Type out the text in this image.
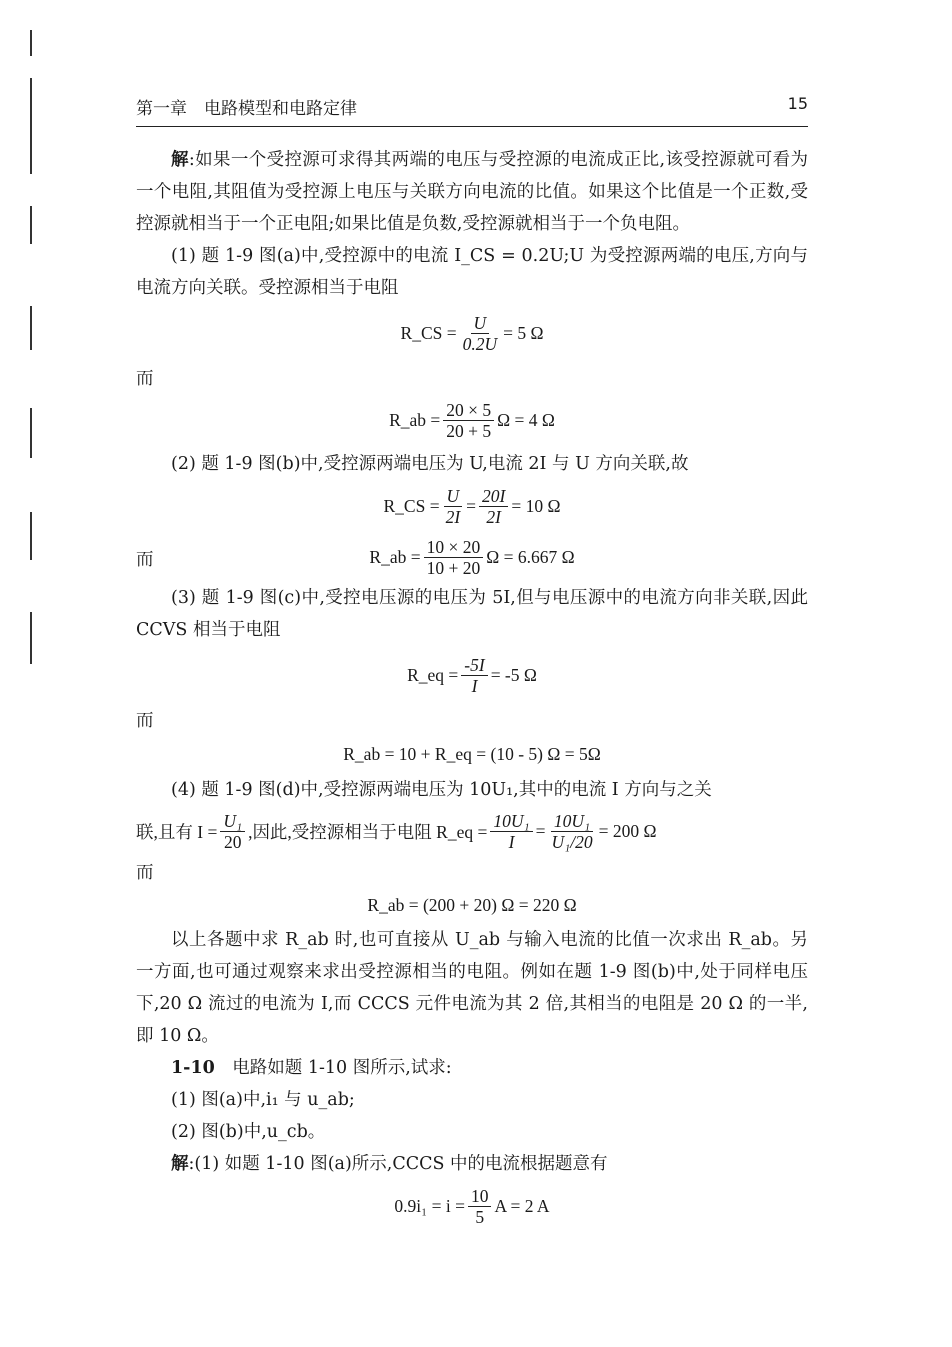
第一章　电路模型和电路定律	15

解:如果一个受控源可求得其两端的电压与受控源的电流成正比,该受控源就可看为一个电阻,其阻值为受控源上电压与关联方向电流的比值。如果这个比值是一个正数,受控源就相当于一个正电阻;如果比值是负数,受控源就相当于一个负电阻。

(1) 题 1-9 图(a)中,受控源中的电流 I_CS = 0.2U;U 为受控源两端的电压,方向与电流方向关联。受控源相当于电阻

R_CS = $\frac{U}{0.2U} = 5$ Ω
而
R_ab = $\frac{20 \times 5}{20 + 5}$ Ω = 4 Ω

(2) 题 1-9 图(b)中,受控源两端电压为 U,电流 2I 与 U 方向关联,故

R_CS = $\frac{U}{2I} = \frac{20I}{2I} = 10$ Ω
而	R_ab = $\frac{10 \times 20}{10 + 20}$ Ω = 6.667 Ω

(3) 题 1-9 图(c)中,受控电压源的电压为 5I,但与电压源中的电流方向非关联,因此 CCVS 相当于电阻

R_eq = $\frac{-5I}{I} = -5$ Ω
而
R_ab = 10 + R_eq = (10 - 5) Ω = 5Ω

(4) 题 1-9 图(d)中,受控源两端电压为 10U₁,其中的电流 I 方向与之关

联,且有 $I = \frac{\text{U₁}}{20}$ ,因此,受控源相当于电阻 R_eq = $\frac{\text{10U₁}}{I} = \frac{\text{10U₁}}{\text{U₁/20}} = 200$ Ω
而
R_ab = (200 + 20) Ω = 220 Ω

以上各题中求 R_ab 时,也可直接从 U_ab 与输入电流的比值一次求出 R_ab。另一方面,也可通过观察来求出受控源相当的电阻。例如在题 1-9 图(b)中,处于同样电压下,20 Ω 流过的电流为 I,而 CCCS 元件电流为其 2 倍,其相当的电阻是 20 Ω 的一半,即 10 Ω。

1-10　电路如题 1-10 图所示,试求:

(1) 图(a)中,i₁ 与 u_ab;

(2) 图(b)中,u_cb。

解:(1) 如题 1-10 图(a)所示,CCCS 中的电流根据题意有

$0.9i_1 = i = \frac{10}{5}$ A = 2 A
